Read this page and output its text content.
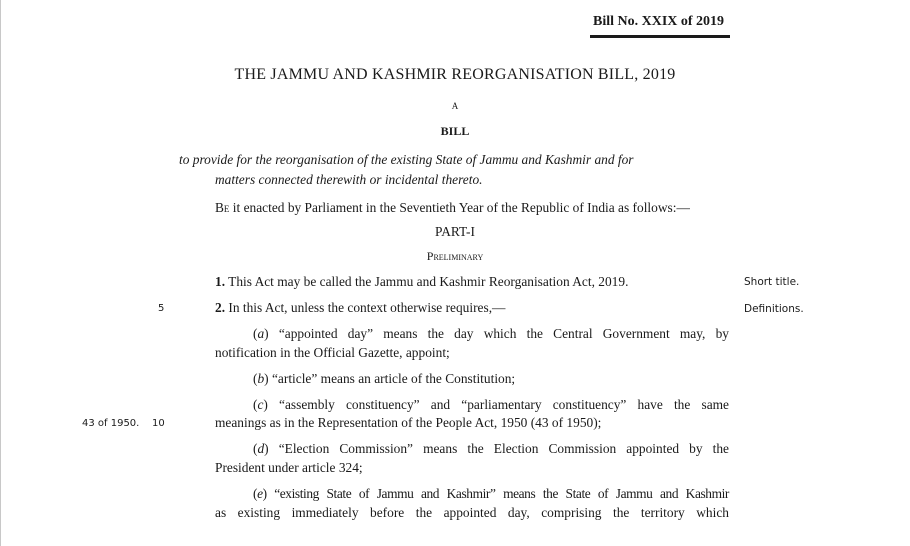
Bill No. XXIX of 2019
THE JAMMU AND KASHMIR REORGANISATION BILL, 2019
A
BILL
to provide for the reorganisation of the existing State of Jammu and Kashmir and for
matters connected therewith or incidental thereto.
Be it enacted by Parliament in the Seventieth Year of the Republic of India as follows:—
PART-I
Preliminary
1. This Act may be called the Jammu and Kashmir Reorganisation Act, 2019.	Short title.
5	2. In this Act, unless the context otherwise requires,—	Definitions.
(a) “appointed day” means the day which the Central Government may, by
notification in the Official Gazette, appoint;
(b) “article” means an article of the Constitution;
(c) “assembly constituency” and “parliamentary constituency” have the same
43 of 1950. 10	meanings as in the Representation of the People Act, 1950 (43 of 1950);
(d) “Election Commission” means the Election Commission appointed by the
President under article 324;
(e) “existing State of Jammu and Kashmir” means the State of Jammu and Kashmir
as existing immediately before the appointed day, comprising the territory which
